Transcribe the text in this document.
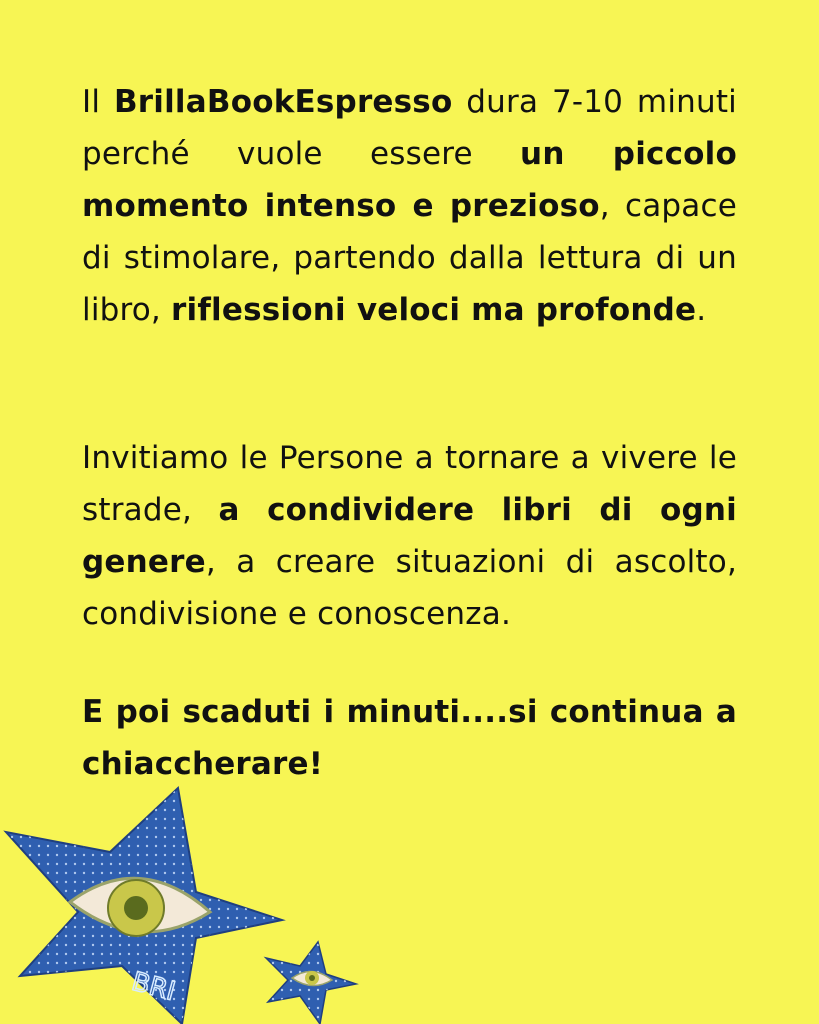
Il BrillaBookEspresso dura 7-10 minuti perché vuole essere un piccolo momento intenso e prezioso, capace di stimolare, partendo dalla lettura di un libro, riflessioni veloci ma profonde.
Invitiamo le Persone a tornare a vivere le strade, a condividere libri di ogni genere, a creare situazioni di ascolto, condivisione e conoscenza.
E poi scaduti i minuti....si continua a chiaccherare!
BRI
